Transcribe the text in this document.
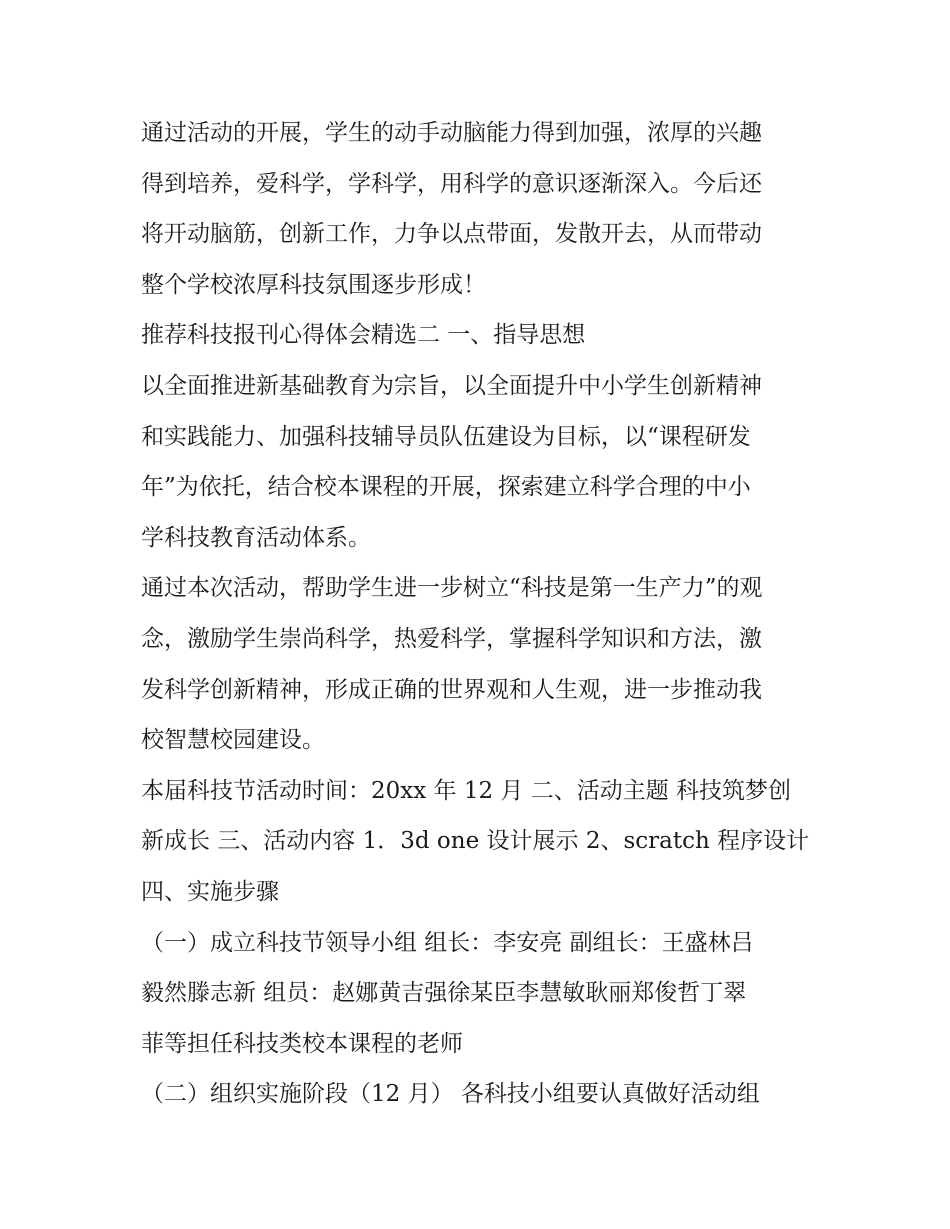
通过活动的开展，学生的动手动脑能力得到加强，浓厚的兴趣
得到培养，爱科学，学科学，用科学的意识逐渐深入。今后还
将开动脑筋，创新工作，力争以点带面，发散开去，从而带动
整个学校浓厚科技氛围逐步形成！
推荐科技报刊心得体会精选二 一、指导思想
以全面推进新基础教育为宗旨，以全面提升中小学生创新精神
和实践能力、加强科技辅导员队伍建设为目标，以“课程研发
年”为依托，结合校本课程的开展，探索建立科学合理的中小
学科技教育活动体系。
通过本次活动，帮助学生进一步树立“科技是第一生产力”的观
念，激励学生崇尚科学，热爱科学，掌握科学知识和方法，激
发科学创新精神，形成正确的世界观和人生观，进一步推动我
校智慧校园建设。
本届科技节活动时间：20xx 年 12 月 二、活动主题 科技筑梦创
新成长 三、活动内容 1．3d one 设计展示 2、scratch 程序设计
四、实施步骤
（一）成立科技节领导小组 组长：李安亮 副组长：王盛林吕
毅然滕志新 组员：赵娜黄吉强徐某臣李慧敏耿丽郑俊哲丁翠
菲等担任科技类校本课程的老师
（二）组织实施阶段（12 月） 各科技小组要认真做好活动组
